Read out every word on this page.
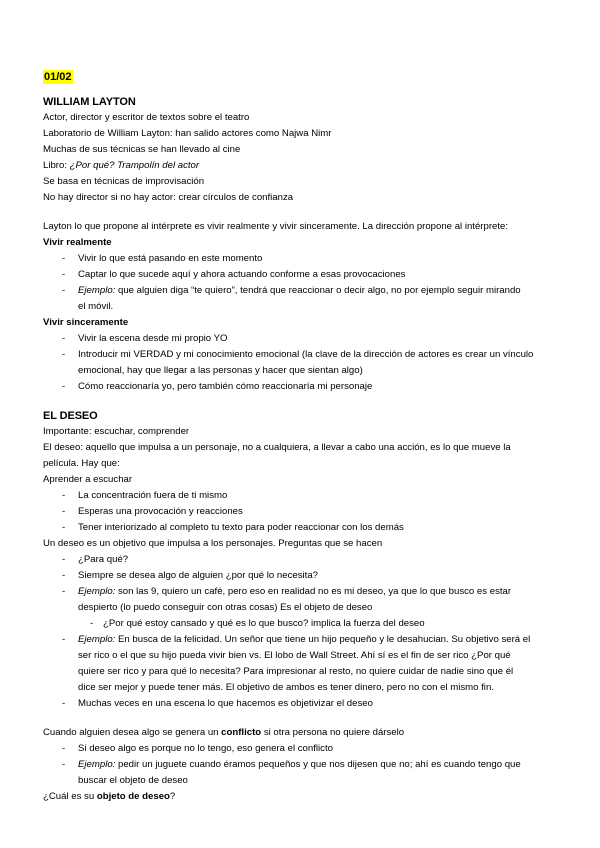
01/02
WILLIAM LAYTON
Actor, director y escritor de textos sobre el teatro
Laboratorio de William Layton: han salido actores como Najwa Nimr
Muchas de sus técnicas se han llevado al cine
Libro: ¿Por qué? Trampolín del actor
Se basa en técnicas de improvisación
No hay director si no hay actor: crear círculos de confianza
Layton lo que propone al intérprete es vivir realmente y vivir sinceramente. La dirección propone al intérprete:
Vivir realmente
- Vivir lo que está pasando en este momento
- Captar lo que sucede aquí y ahora actuando conforme a esas provocaciones
- Ejemplo: que alguien diga “te quiero”, tendrá que reaccionar o decir algo, no por ejemplo seguir mirando
el móvil.
Vivir sinceramente
- Vivir la escena desde mi propio YO
- Introducir mi VERDAD y mi conocimiento emocional (la clave de la dirección de actores es crear un vínculo
emocional, hay que llegar a las personas y hacer que sientan algo)
- Cómo reaccionaría yo, pero también cómo reaccionaría mi personaje
EL DESEO
Importante: escuchar, comprender
El deseo: aquello que impulsa a un personaje, no a cualquiera, a llevar a cabo una acción, es lo que mueve la
película. Hay que:
Aprender a escuchar
- La concentración fuera de ti mismo
- Esperas una provocación y reacciones
- Tener interiorizado al completo tu texto para poder reaccionar con los demás
Un deseo es un objetivo que impulsa a los personajes. Preguntas que se hacen
- ¿Para qué?
- Siempre se desea algo de alguien ¿por qué lo necesita?
- Ejemplo: son las 9, quiero un café, pero eso en realidad no es mi deseo, ya que lo que busco es estar
despierto (lo puedo conseguir con otras cosas) Es el objeto de deseo
- ¿Por qué estoy cansado y qué es lo que busco? implica la fuerza del deseo
- Ejemplo: En busca de la felicidad. Un señor que tiene un hijo pequeño y le desahucian. Su objetivo será el
ser rico o el que su hijo pueda vivir bien vs. El lobo de Wall Street. Ahí sí es el fin de ser rico ¿Por qué
quiere ser rico y para qué lo necesita? Para impresionar al resto, no quiere cuidar de nadie sino que él
dice ser mejor y puede tener más. El objetivo de ambos es tener dinero, pero no con el mismo fin.
- Muchas veces en una escena lo que hacemos es objetivizar el deseo
Cuando alguien desea algo se genera un conflicto si otra persona no quiere dárselo
- Si deseo algo es porque no lo tengo, eso genera el conflicto
- Ejemplo: pedir un juguete cuando éramos pequeños y que nos dijesen que no; ahí es cuando tengo que
buscar el objeto de deseo
¿Cuál es su objeto de deseo?
